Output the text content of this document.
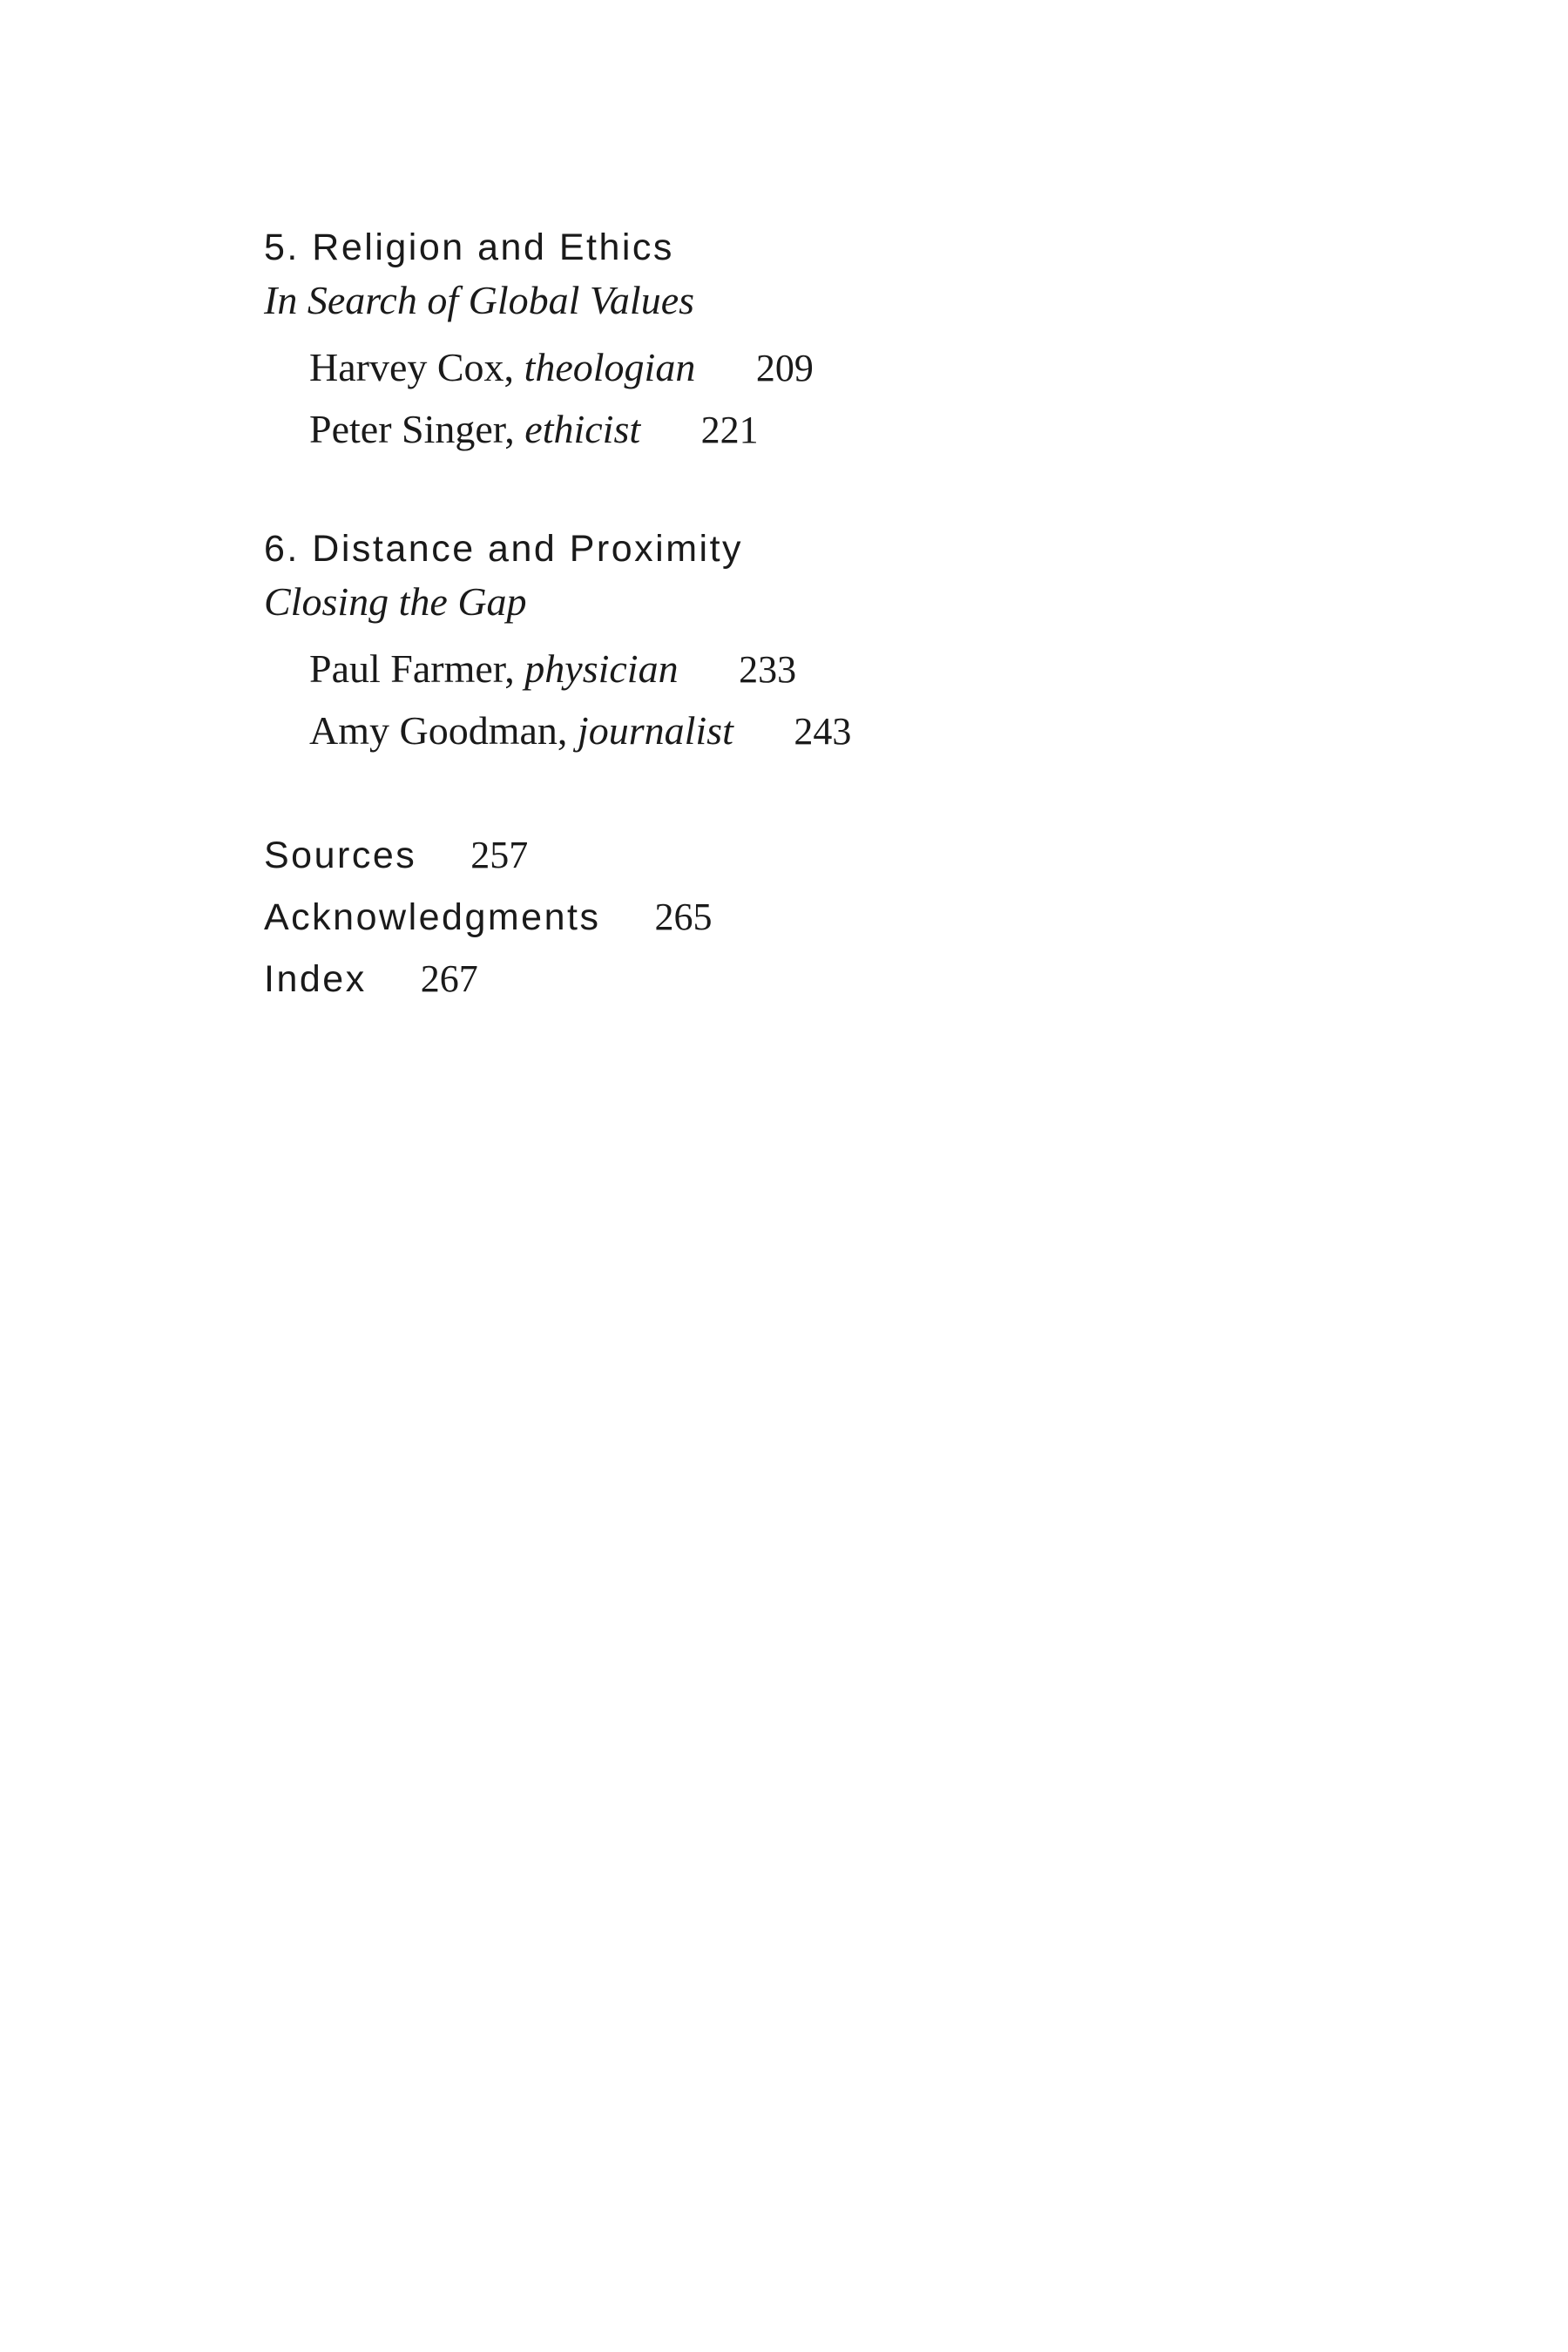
5. Religion and Ethics
In Search of Global Values
Harvey Cox, theologian 209
Peter Singer, ethicist 221
6. Distance and Proximity
Closing the Gap
Paul Farmer, physician 233
Amy Goodman, journalist 243
Sources 257
Acknowledgments 265
Index 267
